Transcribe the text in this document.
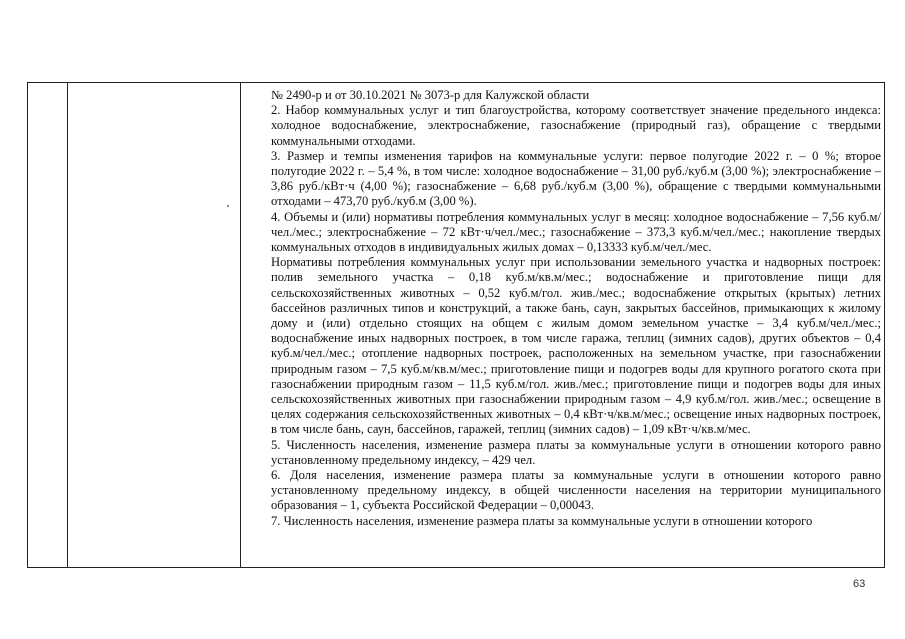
№ 2490-р и от 30.10.2021 № 3073-р для Калужской области

2. Набор коммунальных услуг и тип благоустройства, которому соответствует значение предельного индекса: холодное водоснабжение, электроснабжение, газоснабжение (природный газ), обращение с твердыми коммунальными отходами.

3. Размер и темпы изменения тарифов на коммунальные услуги: первое полугодие 2022 г. – 0 %; второе полугодие 2022 г. – 5,4 %, в том числе: холодное водоснабжение – 31,00 руб./куб.м (3,00 %); электроснабжение – 3,86 руб./кВт·ч (4,00 %); газоснабжение – 6,68 руб./куб.м (3,00 %), обращение с твердыми коммунальными отходами – 473,70 руб./куб.м (3,00 %).

4. Объемы и (или) нормативы потребления коммунальных услуг в месяц: холодное водоснабжение – 7,56 куб.м/чел./мес.; электроснабжение – 72 кВт·ч/чел./мес.; газоснабжение – 373,3 куб.м/чел./мес.; накопление твердых коммунальных отходов в индивидуальных жилых домах – 0,13333 куб.м/чел./мес.

Нормативы потребления коммунальных услуг при использовании земельного участка и надворных построек: полив земельного участка – 0,18 куб.м/кв.м/мес.; водоснабжение и приготовление пищи для сельскохозяйственных животных – 0,52 куб.м/гол. жив./мес.; водоснабжение открытых (крытых) летних бассейнов различных типов и конструкций, а также бань, саун, закрытых бассейнов, примыкающих к жилому дому и (или) отдельно стоящих на общем с жилым домом земельном участке – 3,4 куб.м/чел./мес.; водоснабжение иных надворных построек, в том числе гаража, теплиц (зимних садов), других объектов – 0,4 куб.м/чел./мес.; отопление надворных построек, расположенных на земельном участке, при газоснабжении природным газом – 7,5 куб.м/кв.м/мес.; приготовление пищи и подогрев воды для крупного рогатого скота при газоснабжении природным газом – 11,5 куб.м/гол. жив./мес.; приготовление пищи и подогрев воды для иных сельскохозяйственных животных при газоснабжении природным газом – 4,9 куб.м/гол. жив./мес.; освещение в целях содержания сельскохозяйственных животных – 0,4 кВт·ч/кв.м/мес.; освещение иных надворных построек, в том числе бань, саун, бассейнов, гаражей, теплиц (зимних садов) – 1,09 кВт·ч/кв.м/мес.

5. Численность населения, изменение размера платы за коммунальные услуги в отношении которого равно установленному предельному индексу, – 429 чел.

6. Доля населения, изменение размера платы за коммунальные услуги в отношении которого равно установленному предельному индексу, в общей численности населения на территории муниципального образования – 1, субъекта Российской Федерации – 0,00043.

7. Численность населения, изменение размера платы за коммунальные услуги в отношении которого

63
